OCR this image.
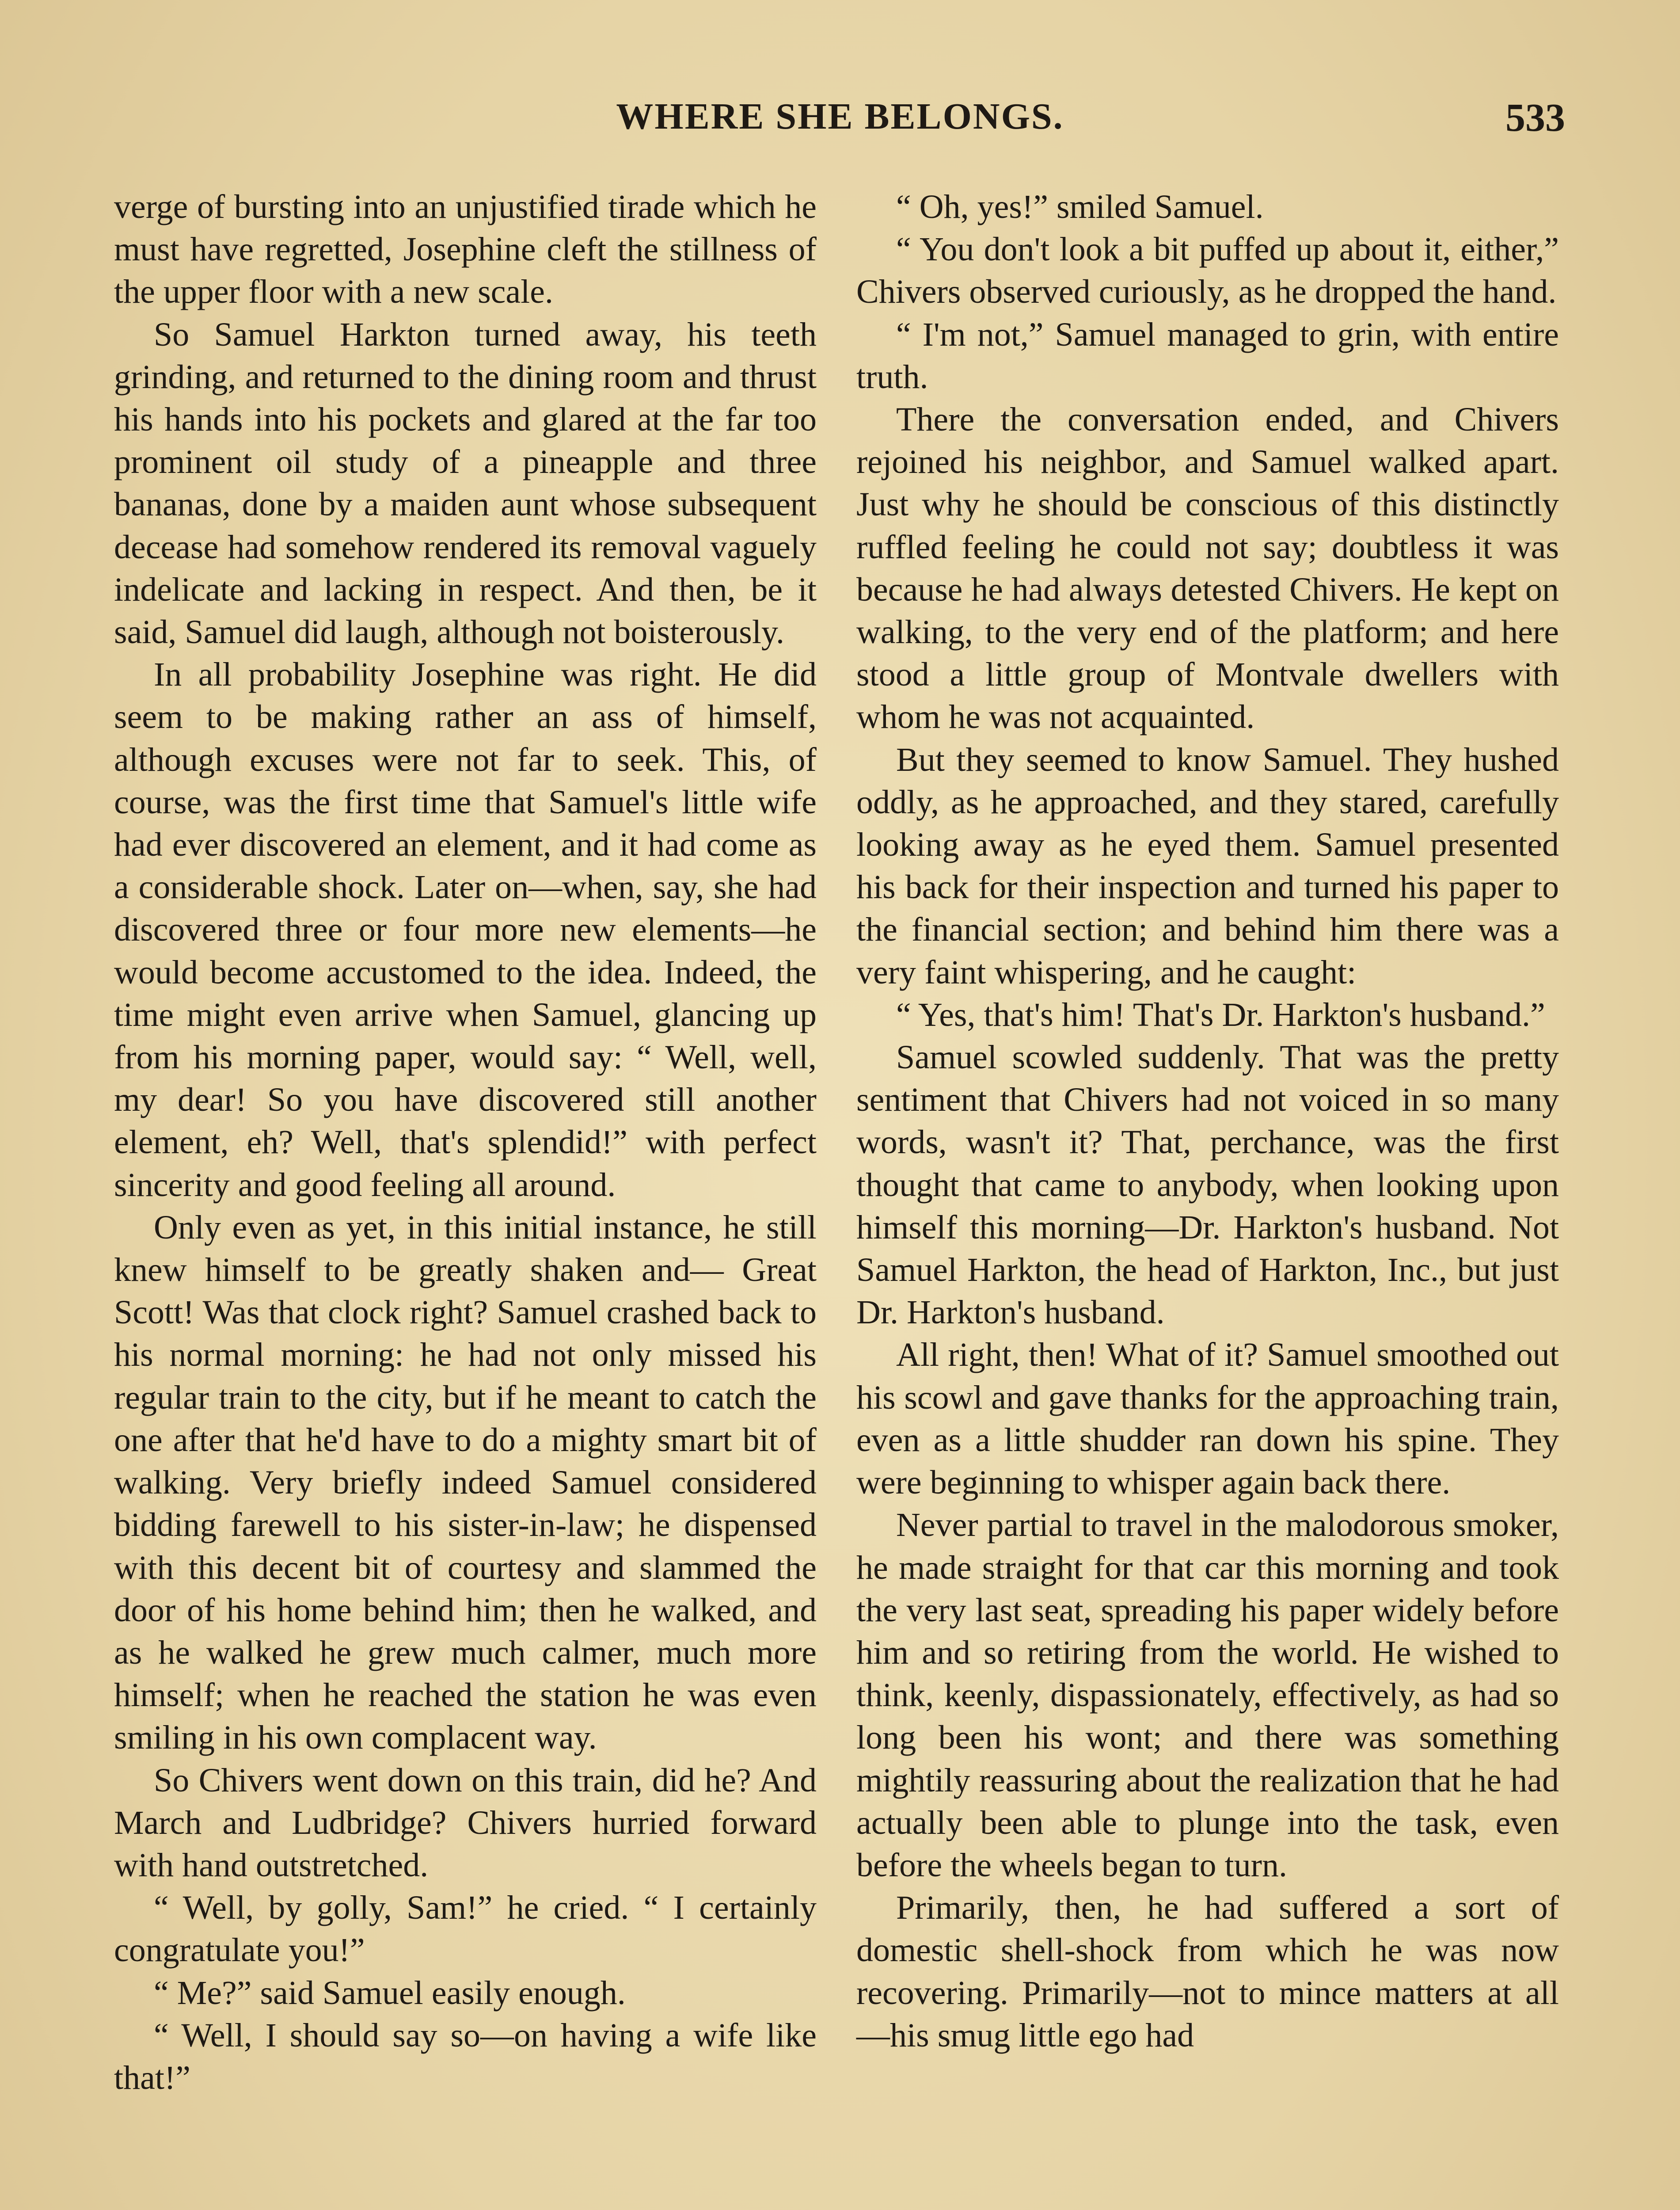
WHERE SHE BELONGS.	533

verge of bursting into an unjustified tirade which he must have regretted, Josephine cleft the stillness of the upper floor with a new scale.

So Samuel Harkton turned away, his teeth grinding, and returned to the dining room and thrust his hands into his pockets and glared at the far too prominent oil study of a pineapple and three bananas, done by a maiden aunt whose subsequent decease had somehow rendered its removal vaguely indelicate and lacking in respect. And then, be it said, Samuel did laugh, although not boisterously.

In all probability Josephine was right. He did seem to be making rather an ass of himself, although excuses were not far to seek. This, of course, was the first time that Samuel's little wife had ever discovered an element, and it had come as a considerable shock. Later on—when, say, she had discovered three or four more new elements—he would become accustomed to the idea. Indeed, the time might even arrive when Samuel, glancing up from his morning paper, would say: “ Well, well, my dear! So you have discovered still another element, eh? Well, that's splendid!” with perfect sincerity and good feeling all around.

Only even as yet, in this initial instance, he still knew himself to be greatly shaken and— Great Scott! Was that clock right? Samuel crashed back to his normal morning: he had not only missed his regular train to the city, but if he meant to catch the one after that he'd have to do a mighty smart bit of walking. Very briefly indeed Samuel considered bidding farewell to his sister-in-law; he dispensed with this decent bit of courtesy and slammed the door of his home behind him; then he walked, and as he walked he grew much calmer, much more himself; when he reached the station he was even smiling in his own complacent way.

So Chivers went down on this train, did he? And March and Ludbridge? Chivers hurried forward with hand outstretched.

“ Well, by golly, Sam!” he cried. “ I certainly congratulate you!”

“ Me?” said Samuel easily enough.

“ Well, I should say so—on having a wife like that!”

“ Oh, yes!” smiled Samuel.

“ You don't look a bit puffed up about it, either,” Chivers observed curiously, as he dropped the hand.

“ I'm not,” Samuel managed to grin, with entire truth.

There the conversation ended, and Chivers rejoined his neighbor, and Samuel walked apart. Just why he should be conscious of this distinctly ruffled feeling he could not say; doubtless it was because he had always detested Chivers. He kept on walking, to the very end of the platform; and here stood a little group of Montvale dwellers with whom he was not acquainted.

But they seemed to know Samuel. They hushed oddly, as he approached, and they stared, carefully looking away as he eyed them. Samuel presented his back for their inspection and turned his paper to the financial section; and behind him there was a very faint whispering, and he caught:

“ Yes, that's him! That's Dr. Harkton's husband.”

Samuel scowled suddenly. That was the pretty sentiment that Chivers had not voiced in so many words, wasn't it? That, perchance, was the first thought that came to anybody, when looking upon himself this morning—Dr. Harkton's husband. Not Samuel Harkton, the head of Harkton, Inc., but just Dr. Harkton's husband.

All right, then! What of it? Samuel smoothed out his scowl and gave thanks for the approaching train, even as a little shudder ran down his spine. They were beginning to whisper again back there.

Never partial to travel in the malodorous smoker, he made straight for that car this morning and took the very last seat, spreading his paper widely before him and so retiring from the world. He wished to think, keenly, dispassionately, effectively, as had so long been his wont; and there was something mightily reassuring about the realization that he had actually been able to plunge into the task, even before the wheels began to turn.

Primarily, then, he had suffered a sort of domestic shell-shock from which he was now recovering. Primarily—not to mince matters at all—his smug little ego had
